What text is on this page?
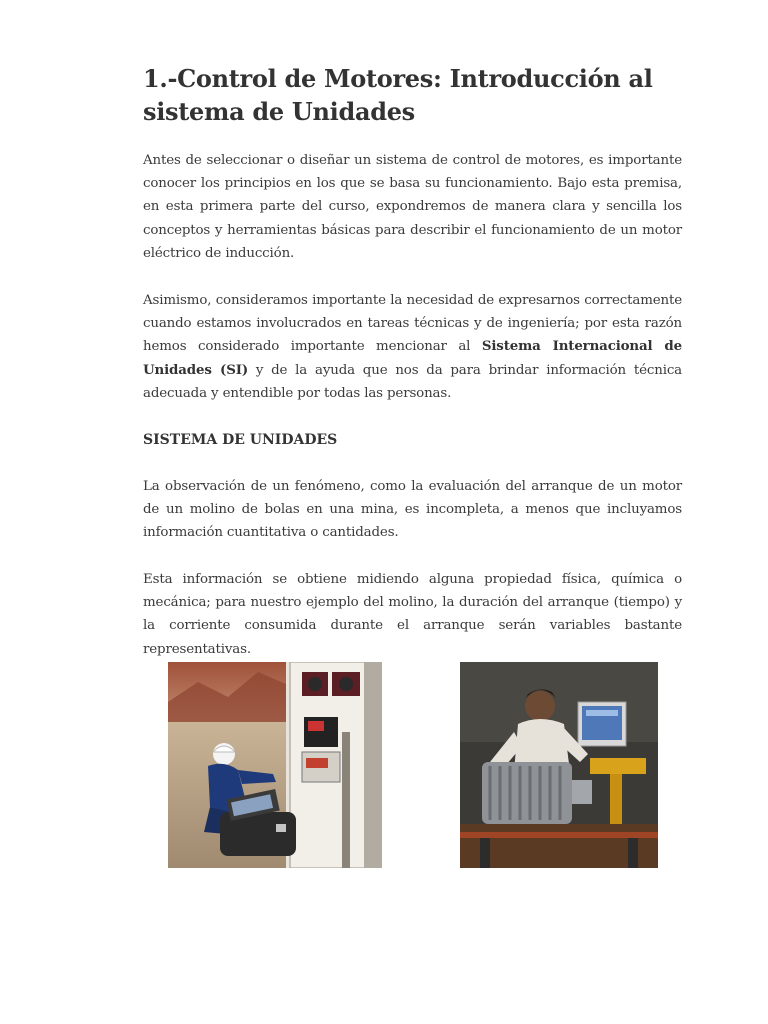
1.-Control de Motores: Introducción al sistema de Unidades

Antes de seleccionar o diseñar un sistema de control de motores, es importante conocer los principios en los que se basa su funcionamiento. Bajo esta premisa, en esta primera parte del curso, expondremos de manera clara y sencilla los conceptos y herramientas básicas para describir el funcionamiento de un motor eléctrico de inducción.

Asimismo, consideramos importante la necesidad de expresarnos correctamente cuando estamos involucrados en tareas técnicas y de ingeniería; por esta razón hemos considerado importante mencionar al Sistema Internacional de Unidades (SI) y de la ayuda que nos da para brindar información técnica adecuada y entendible por todas las personas.

SISTEMA DE UNIDADES

La observación de un fenómeno, como la evaluación del arranque de un motor de un molino de bolas en una mina, es incompleta, a menos que incluyamos información cuantitativa o cantidades.

Esta información se obtiene midiendo alguna propiedad física, química o mecánica; para nuestro ejemplo del molino, la duración del arranque (tiempo) y la corriente consumida durante el arranque serán variables bastante representativas.
